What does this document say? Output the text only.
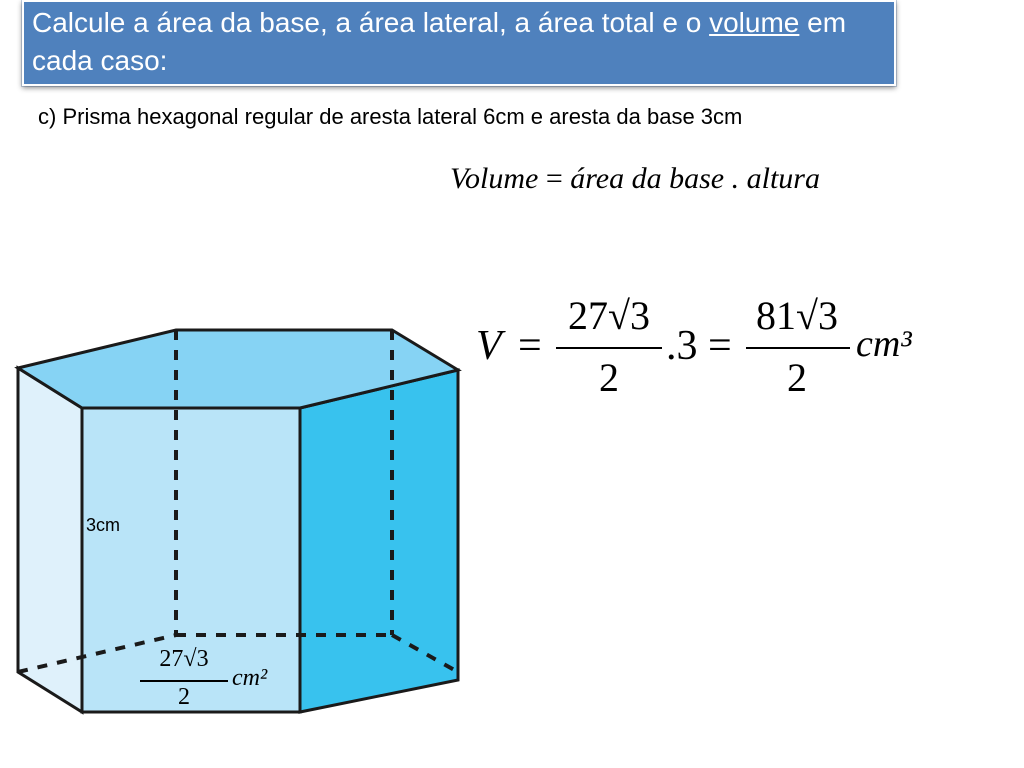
Calcule a área da base, a área lateral, a área total e o volume em cada caso:
c) Prisma hexagonal regular de aresta lateral 6cm e aresta da base 3cm
Volume = área da base . altura
V =
27√3
2
.3 =
81√3
2
cm³
3cm
27√3
2
cm²
